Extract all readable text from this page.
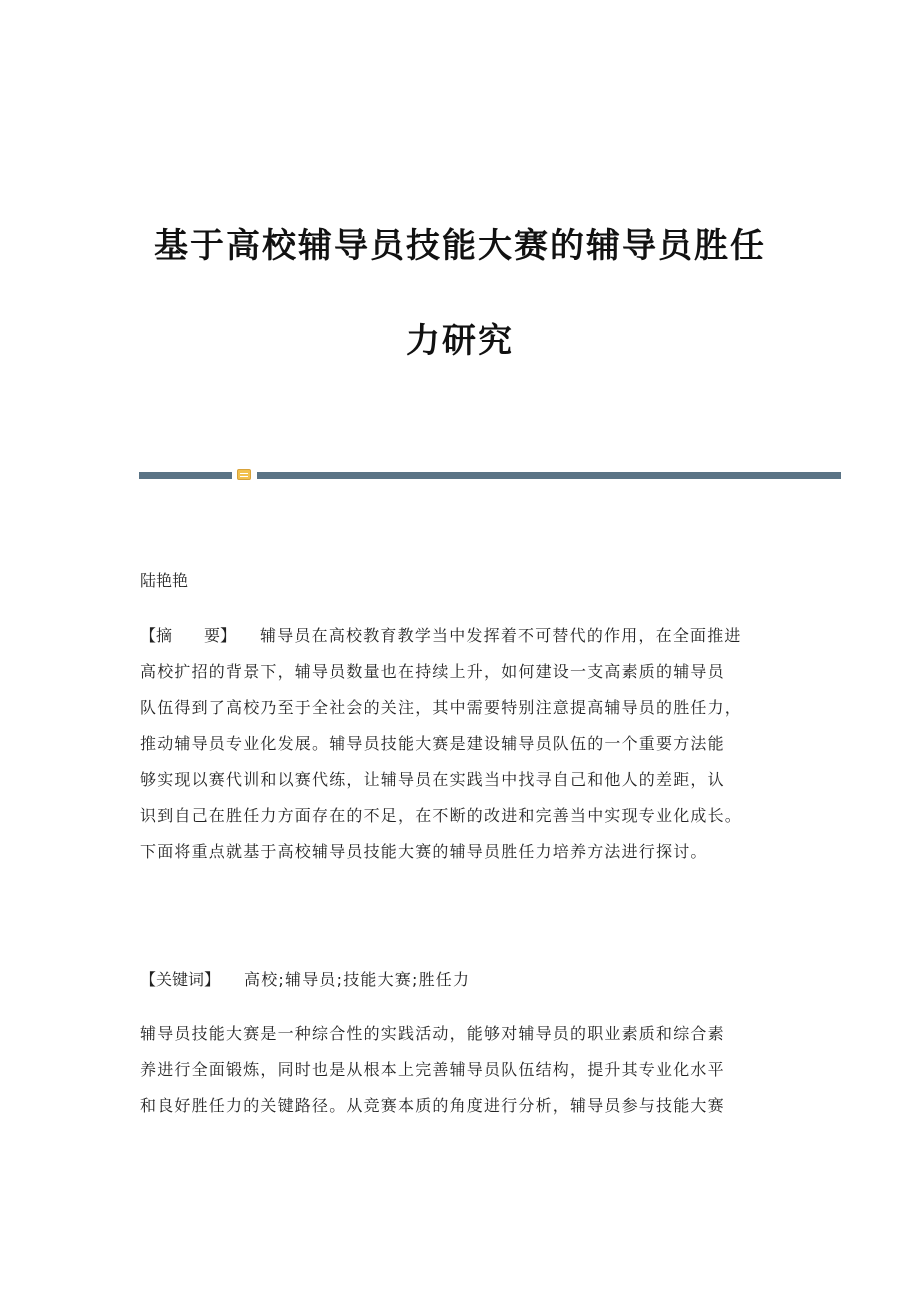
基于高校辅导员技能大赛的辅导员胜任
力研究
陆艳艳
【摘　　要】 辅导员在高校教育教学当中发挥着不可替代的作用，在全面推进
高校扩招的背景下，辅导员数量也在持续上升，如何建设一支高素质的辅导员
队伍得到了高校乃至于全社会的关注，其中需要特别注意提高辅导员的胜任力，
推动辅导员专业化发展。辅导员技能大赛是建设辅导员队伍的一个重要方法能
够实现以赛代训和以赛代练，让辅导员在实践当中找寻自己和他人的差距，认
识到自己在胜任力方面存在的不足，在不断的改进和完善当中实现专业化成长。
下面将重点就基于高校辅导员技能大赛的辅导员胜任力培养方法进行探讨。
【关键词】 高校;辅导员;技能大赛;胜任力
辅导员技能大赛是一种综合性的实践活动，能够对辅导员的职业素质和综合素
养进行全面锻炼，同时也是从根本上完善辅导员队伍结构，提升其专业化水平
和良好胜任力的关键路径。从竞赛本质的角度进行分析，辅导员参与技能大赛
